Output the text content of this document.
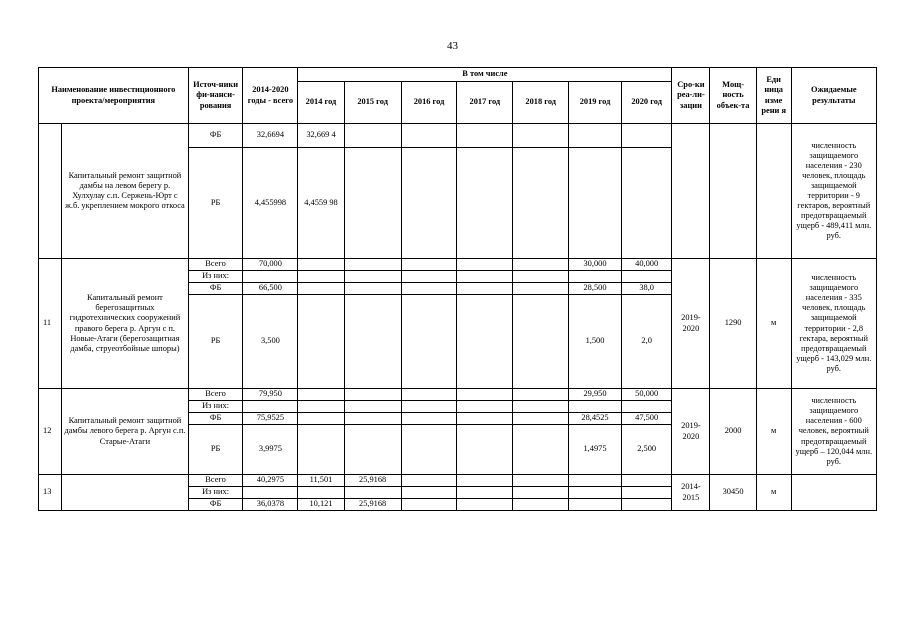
43
Наименование инвестиционного проекта/мероприятия		Источ-ники фи-нанси-рования	2014-2020 годы - всего	В том числе							Сро-ки реа-ли-зации	Мощ-ность объек-та	Еди ница изме рени я	Ожидаемые результаты
				2014 год	2015 год	2016 год	2017 год	2018 год	2019 год	2020 год				
	Капитальный ремонт защитной дамбы на левом берегу р. Хулхулау с.п. Сержень-Юрт с ж.б. укреплением мокрого откоса	ФБ	32,6694	32,669 4										численность защищаемого населения - 230 человек, площадь защищаемой территории - 9 гектаров, вероятный предотвращаемый ущерб - 489,411 млн. руб.
		РБ	4,455998	4,4559 98										
11	Капитальный ремонт берегозащитных гидротехнических сооружений правого берега р. Аргун с п. Новые-Атаги (берегозащитная дамба, струеотбойные шпоры)	Всего	70,000						30,000	40,000	2019-2020	1290	м	численность защищаемого населения - 335 человек, площадь защищаемой территории - 2,8 гектара, вероятный предотвращаемый ущерб - 143,029 млн. руб.
		Из них:												
		ФБ	66,500						28,500	38,0				
		РБ	3,500						1,500	2,0				
12	Капитальный ремонт защитной дамбы левого берега р. Аргун с.п. Старые-Атаги	Всего	79,950						29,950	50,000	2019-2020	2000	м	численность защищаемого населения - 600 человек, вероятный предотвращаемый ущерб – 120,044 млн. руб.
		Из них:												
		ФБ	75,9525						28,4525	47,500				
		РБ	3,9975						1,4975	2,500				
13		Всего	40,2975	11,501	25,9168						2014-2015	30450	м	
		Из них:												
		ФБ	36,0378	10,121	25,9168									
